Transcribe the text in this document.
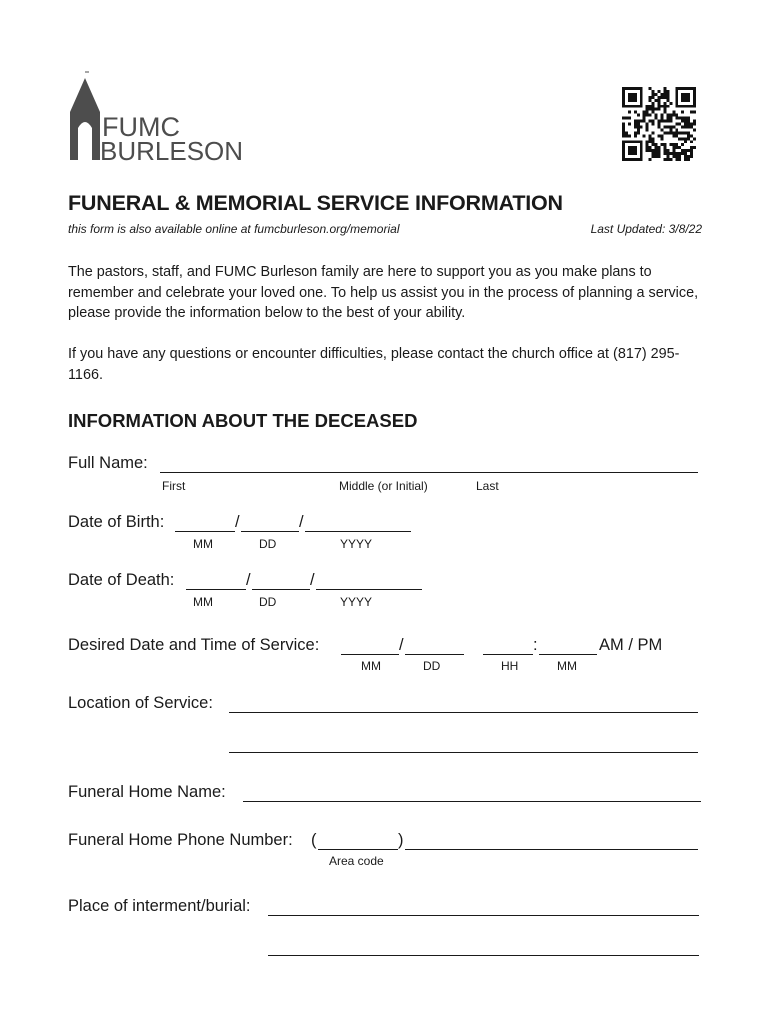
FUMC
BURLESON
FUNERAL & MEMORIAL SERVICE INFORMATION
this form is also available online at fumcburleson.org/memorial	Last Updated: 3/8/22
The pastors, staff, and FUMC Burleson family are here to support you as you make plans to remember and celebrate your loved one. To help us assist you in the process of planning a service, please provide the information below to the best of your ability.
If you have any questions or encounter difficulties, please contact the church office at (817) 295-1166.
INFORMATION ABOUT THE DECEASED
Full Name:
First	Middle (or Initial)	Last
Date of Birth:	/	/
MM	DD	YYYY
Date of Death:	/	/
MM	DD	YYYY
Desired Date and Time of Service:	/	:	AM / PM
MM	DD	HH	MM
Location of Service:
Funeral Home Name:
Funeral Home Phone Number: (	)
Area code
Place of interment/burial:
